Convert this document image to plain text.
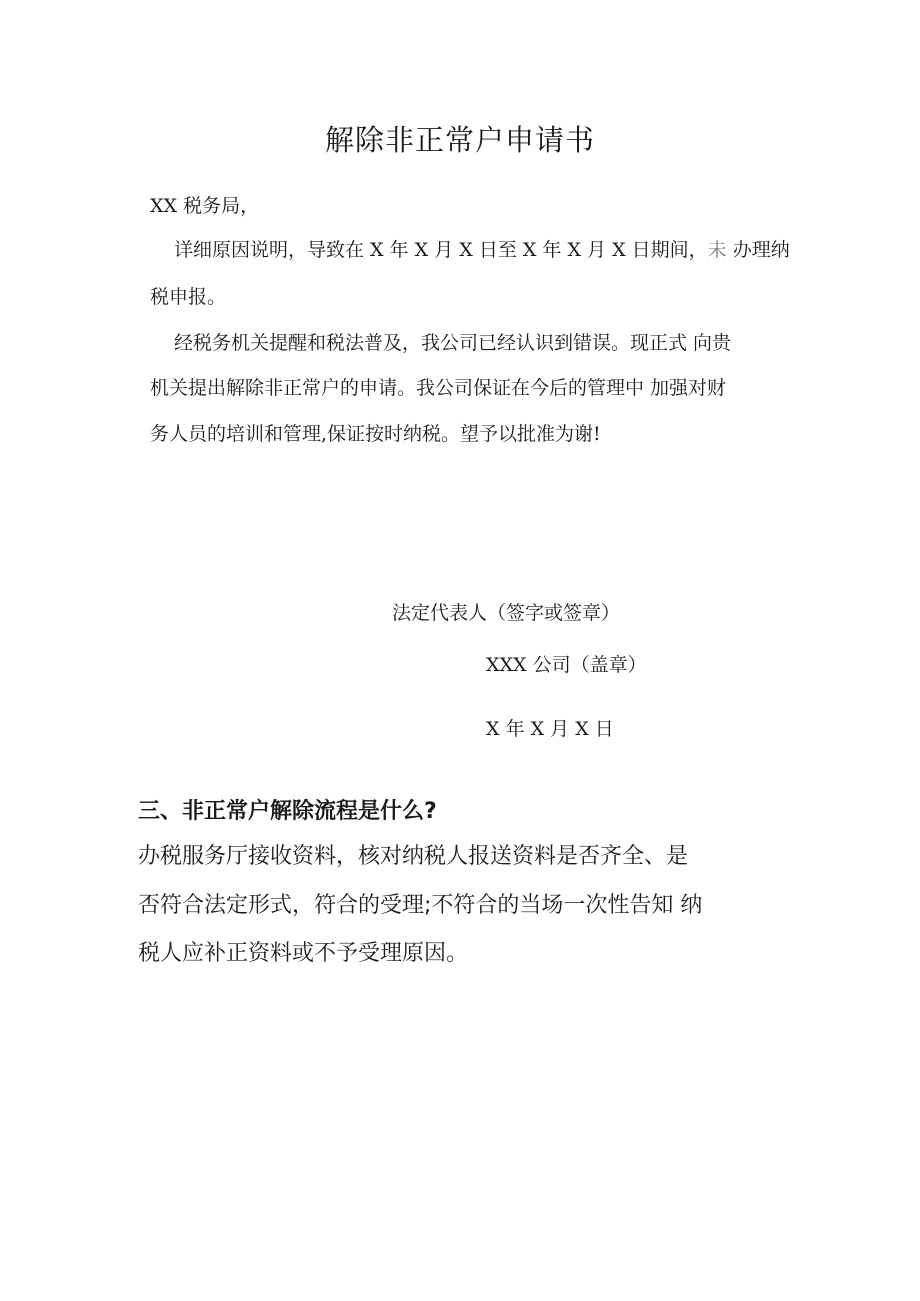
解除非正常户申请书

XX 税务局，

详细原因说明，导致在 X 年 X 月 X 日至 X 年 X 月 X 日期间，未 办理纳

税申报。

经税务机关提醒和税法普及，我公司已经认识到错误。现正式 向贵

机关提出解除非正常户的申请。我公司保证在今后的管理中 加强对财

务人员的培训和管理,保证按时纳税。望予以批准为谢!

法定代表人（签字或签章）

XXX 公司（盖章）

X 年 X 月 X 日

三、非正常户解除流程是什么?

办税服务厅接收资料，核对纳税人报送资料是否齐全、是

否符合法定形式，符合的受理;不符合的当场一次性告知 纳

税人应补正资料或不予受理原因。
